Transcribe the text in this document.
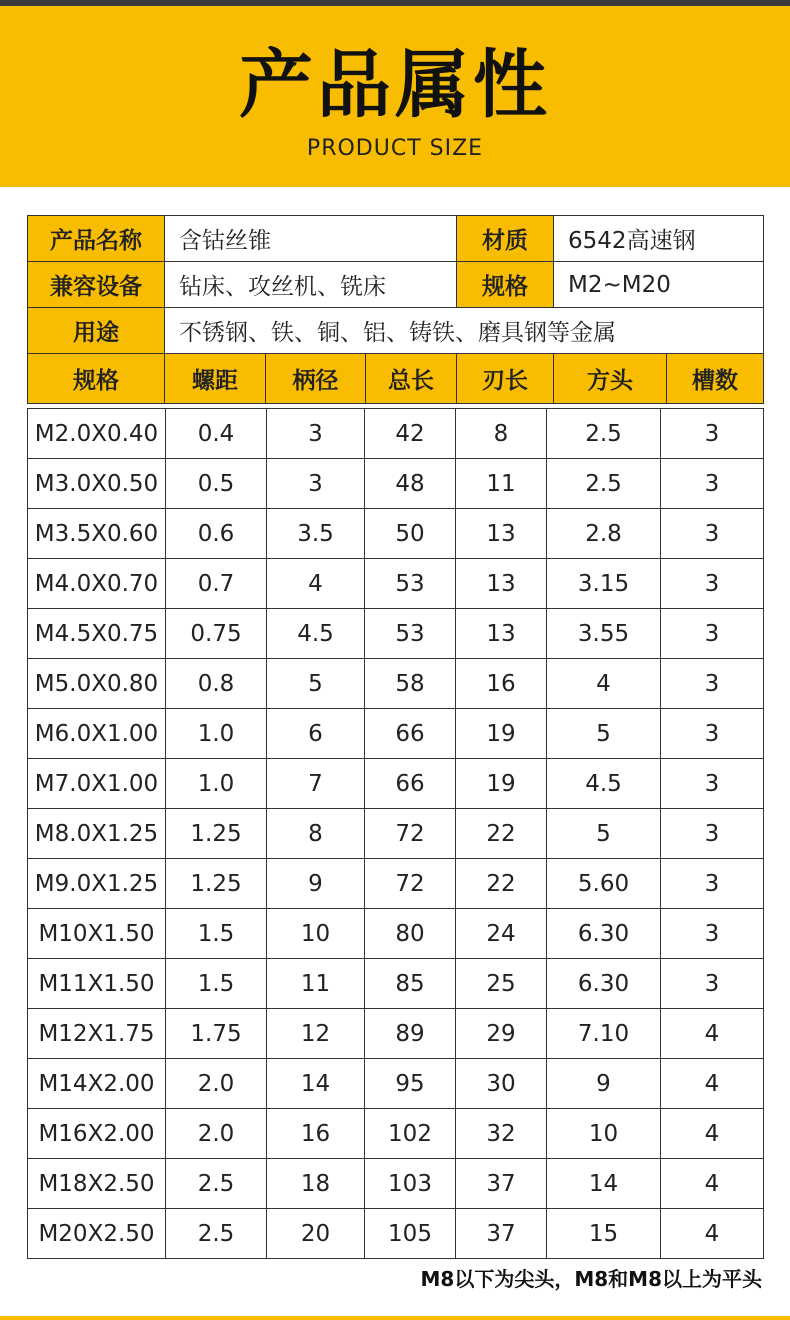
产品属性
PRODUCT SIZE
产品名称	含钴丝锥			材质	6542高速钢	
兼容设备	钻床、攻丝机、铣床			规格	M2~M20	
用途	不锈钢、铁、铜、铝、铸铁、磨具钢等金属					
规格	螺距	柄径	总长	刃长	方头	槽数
M2.0X0.40	0.4	3	42	8	2.5	3
M3.0X0.50	0.5	3	48	11	2.5	3
M3.5X0.60	0.6	3.5	50	13	2.8	3
M4.0X0.70	0.7	4	53	13	3.15	3
M4.5X0.75	0.75	4.5	53	13	3.55	3
M5.0X0.80	0.8	5	58	16	4	3
M6.0X1.00	1.0	6	66	19	5	3
M7.0X1.00	1.0	7	66	19	4.5	3
M8.0X1.25	1.25	8	72	22	5	3
M9.0X1.25	1.25	9	72	22	5.60	3
M10X1.50	1.5	10	80	24	6.30	3
M11X1.50	1.5	11	85	25	6.30	3
M12X1.75	1.75	12	89	29	7.10	4
M14X2.00	2.0	14	95	30	9	4
M16X2.00	2.0	16	102	32	10	4
M18X2.50	2.5	18	103	37	14	4
M20X2.50	2.5	20	105	37	15	4
M8以下为尖头，M8和M8以上为平头
